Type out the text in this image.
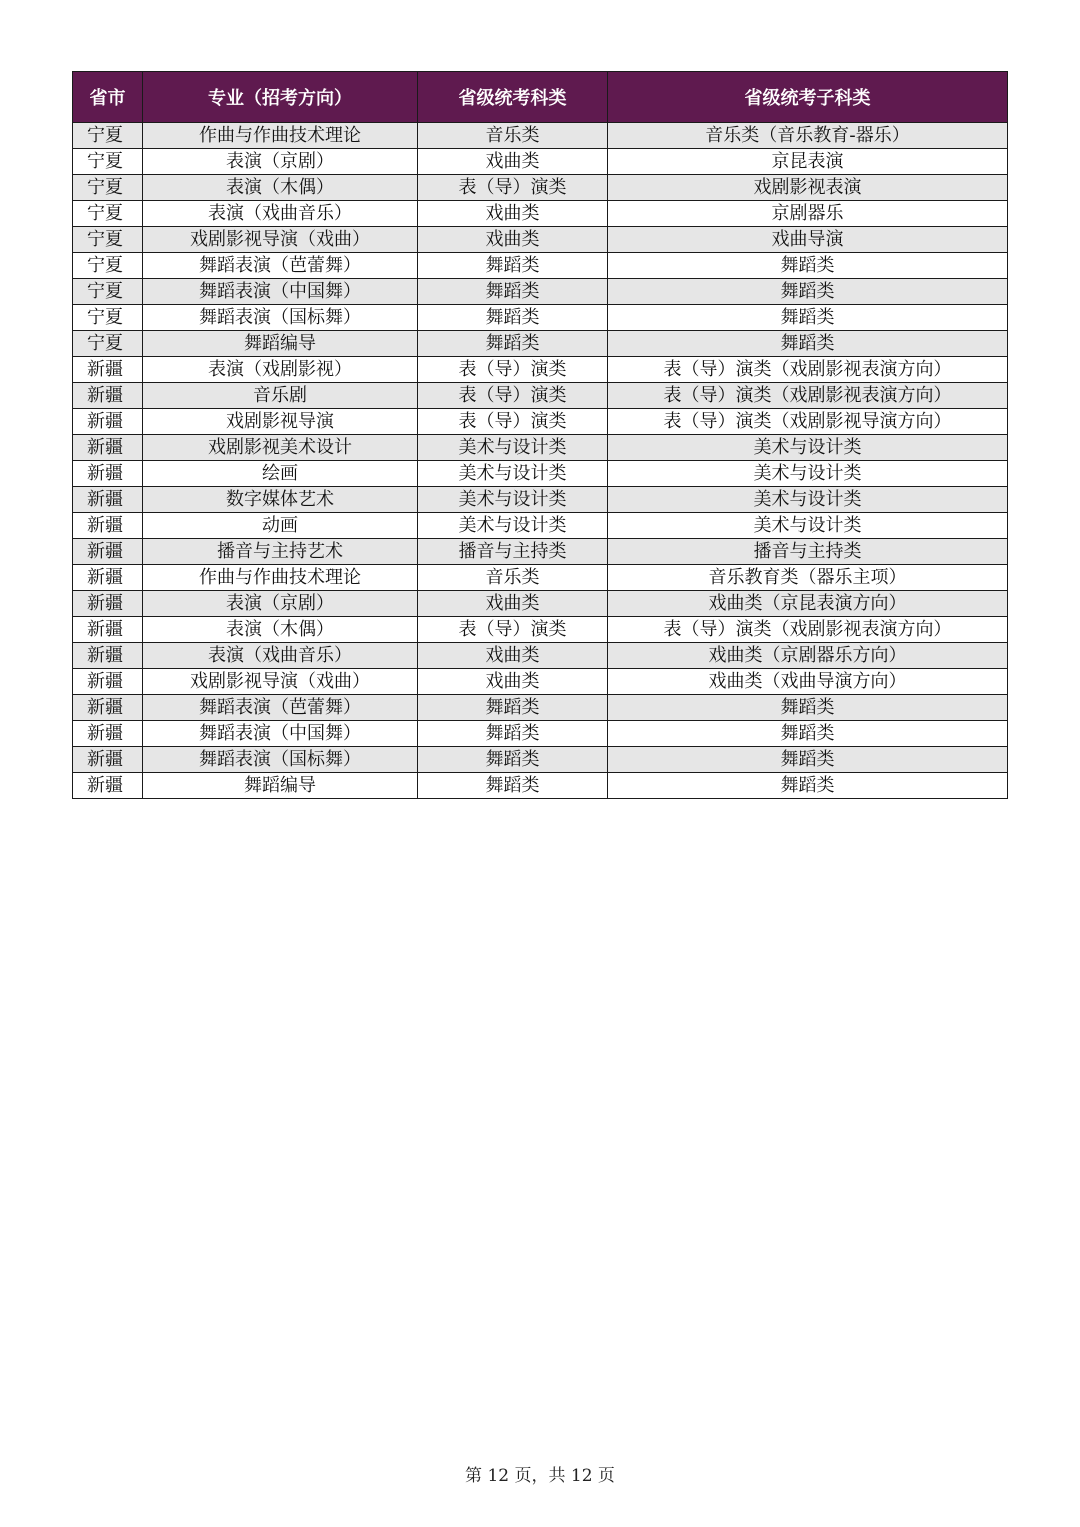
省市	专业（招考方向）	省级统考科类	省级统考子科类
宁夏	作曲与作曲技术理论	音乐类	音乐类（音乐教育-器乐）
宁夏	表演（京剧）	戏曲类	京昆表演
宁夏	表演（木偶）	表（导）演类	戏剧影视表演
宁夏	表演（戏曲音乐）	戏曲类	京剧器乐
宁夏	戏剧影视导演（戏曲）	戏曲类	戏曲导演
宁夏	舞蹈表演（芭蕾舞）	舞蹈类	舞蹈类
宁夏	舞蹈表演（中国舞）	舞蹈类	舞蹈类
宁夏	舞蹈表演（国标舞）	舞蹈类	舞蹈类
宁夏	舞蹈编导	舞蹈类	舞蹈类
新疆	表演（戏剧影视）	表（导）演类	表（导）演类（戏剧影视表演方向）
新疆	音乐剧	表（导）演类	表（导）演类（戏剧影视表演方向）
新疆	戏剧影视导演	表（导）演类	表（导）演类（戏剧影视导演方向）
新疆	戏剧影视美术设计	美术与设计类	美术与设计类
新疆	绘画	美术与设计类	美术与设计类
新疆	数字媒体艺术	美术与设计类	美术与设计类
新疆	动画	美术与设计类	美术与设计类
新疆	播音与主持艺术	播音与主持类	播音与主持类
新疆	作曲与作曲技术理论	音乐类	音乐教育类（器乐主项）
新疆	表演（京剧）	戏曲类	戏曲类（京昆表演方向）
新疆	表演（木偶）	表（导）演类	表（导）演类（戏剧影视表演方向）
新疆	表演（戏曲音乐）	戏曲类	戏曲类（京剧器乐方向）
新疆	戏剧影视导演（戏曲）	戏曲类	戏曲类（戏曲导演方向）
新疆	舞蹈表演（芭蕾舞）	舞蹈类	舞蹈类
新疆	舞蹈表演（中国舞）	舞蹈类	舞蹈类
新疆	舞蹈表演（国标舞）	舞蹈类	舞蹈类
新疆	舞蹈编导	舞蹈类	舞蹈类
第 12 页，共 12 页
